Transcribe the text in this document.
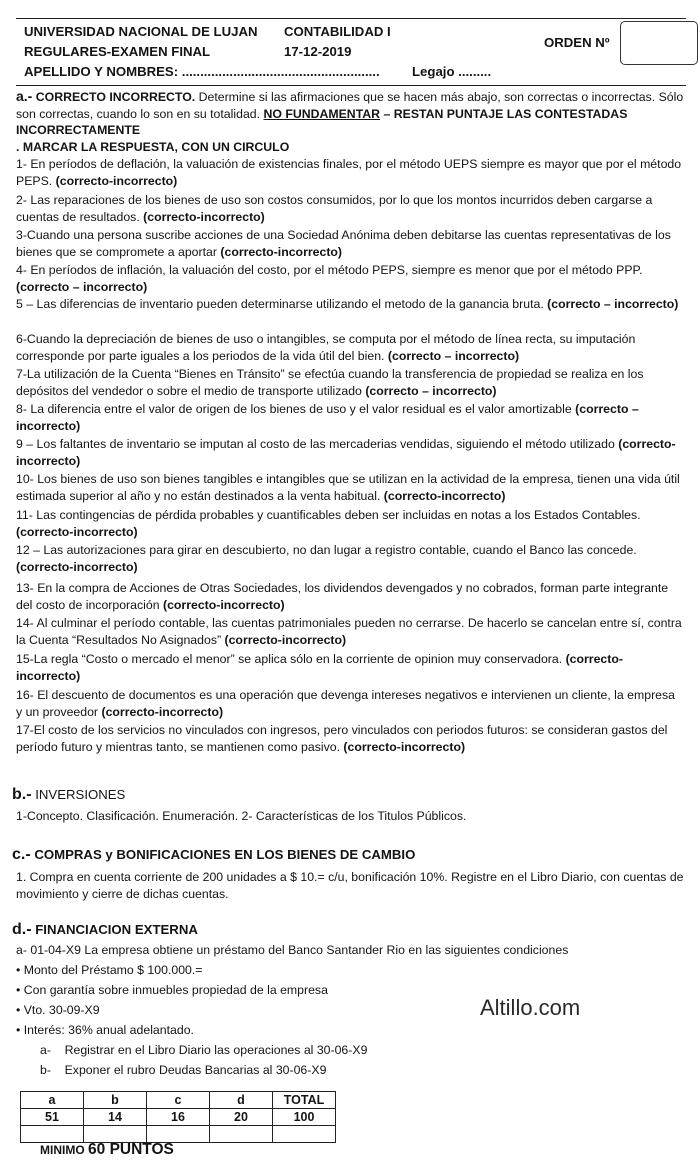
UNIVERSIDAD NACIONAL DE LUJAN CONTABILIDAD I
REGULARES-EXAMEN FINAL	17-12-2019
APELLIDO Y NOMBRES: ...................................................... Legajo .........
ORDEN Nº
a.- CORRECTO INCORRECTO. Determine si las afirmaciones que se hacen más abajo, son correctas o incorrectas. Sólo son correctas, cuando lo son en su totalidad. NO FUNDAMENTAR – RESTAN PUNTAJE LAS CONTESTADAS INCORRECTAMENTE
. MARCAR LA RESPUESTA, CON UN CIRCULO
1- En períodos de deflación, la valuación de existencias finales, por el método UEPS siempre es mayor que por el método PEPS. (correcto-incorrecto)
2- Las reparaciones de los bienes de uso son costos consumidos, por lo que los montos incurridos deben cargarse a cuentas de resultados. (correcto-incorrecto)
3-Cuando una persona suscribe acciones de una Sociedad Anónima deben debitarse las cuentas representativas de los bienes que se compromete a aportar (correcto-incorrecto)
4- En períodos de inflación, la valuación del costo, por el método PEPS, siempre es menor que por el método PPP. (correcto – incorrecto)
5 – Las diferencias de inventario pueden determinarse utilizando el metodo de la ganancia bruta. (correcto – incorrecto)
6-Cuando la depreciación de bienes de uso o intangibles, se computa por el método de línea recta, su imputación corresponde por parte iguales a los periodos de la vida útil del bien. (correcto – incorrecto)
7-La utilización de la Cuenta “Bienes en Tránsito” se efectúa cuando la transferencia de propiedad se realiza en los depósitos del vendedor o sobre el medio de transporte utilizado (correcto – incorrecto)
8- La diferencia entre el valor de origen de los bienes de uso y el valor residual es el valor amortizable (correcto – incorrecto)
9 – Los faltantes de inventario se imputan al costo de las mercaderias vendidas, siguiendo el método utilizado (correcto-incorrecto)
10- Los bienes de uso son bienes tangibles e intangibles que se utilizan en la actividad de la empresa, tienen una vida útil estimada superior al año y no están destinados a la venta habitual. (correcto-incorrecto)
11- Las contingencias de pérdida probables y cuantificables deben ser incluidas en notas a los Estados Contables. (correcto-incorrecto)
12 – Las autorizaciones para girar en descubierto, no dan lugar a registro contable, cuando el Banco las concede. (correcto-incorrecto)
13- En la compra de Acciones de Otras Sociedades, los dividendos devengados y no cobrados, forman parte integrante del costo de incorporación (correcto-incorrecto)
14- Al culminar el período contable, las cuentas patrimoniales pueden no cerrarse. De hacerlo se cancelan entre sí, contra la Cuenta “Resultados No Asignados” (correcto-incorrecto)
15-La regla “Costo o mercado el menor” se aplica sólo en la corriente de opinion muy conservadora. (correcto-incorrecto)
16- El descuento de documentos es una operación que devenga intereses negativos e intervienen un cliente, la empresa y un proveedor (correcto-incorrecto)
17-El costo de los servicios no vinculados con ingresos, pero vinculados con periodos futuros: se consideran gastos del período futuro y mientras tanto, se mantienen como pasivo. (correcto-incorrecto)
b.- INVERSIONES
1-Concepto. Clasificación. Enumeración. 2- Características de los Titulos Públicos.
c.- COMPRAS y BONIFICACIONES EN LOS BIENES DE CAMBIO
1. Compra en cuenta corriente de 200 unidades a $ 10.= c/u, bonificación 10%. Registre en el Libro Diario, con cuentas de movimiento y cierre de dichas cuentas.
d.- FINANCIACION EXTERNA
a- 01-04-X9 La empresa obtiene un préstamo del Banco Santander Rio en las siguientes condiciones
• Monto del Préstamo $ 100.000.=
• Con garantía sobre inmuebles propiedad de la empresa
• Vto. 30-09-X9
• Interés: 36% anual adelantado.
a- Registrar en el Libro Diario las operaciones al 30-06-X9
b- Exponer el rubro Deudas Bancarias al 30-06-X9
Altillo.com
a	b	c	d	TOTAL
51	14	16	20	100

MINIMO 60 PUNTOS
